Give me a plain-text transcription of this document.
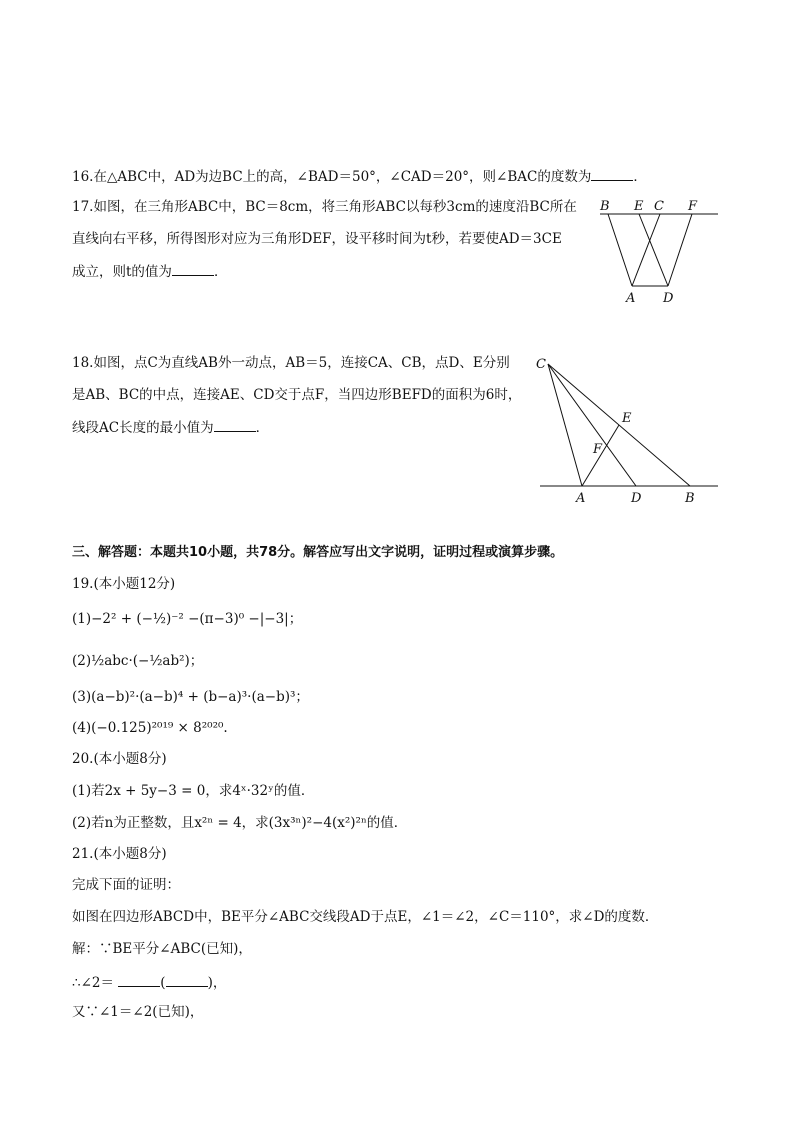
16.在△ABC中，AD为边BC上的高，∠BAD＝50°，∠CAD＝20°，则∠BAC的度数为	．
17.如图，在三角形ABC中，BC＝8cm，将三角形ABC以每秒3cm的速度沿BC所在
直线向右平移，所得图形对应为三角形DEF，设平移时间为t秒，若要使AD＝3CE
成立，则t的值为	．
B E C F
A D
18.如图，点C为直线AB外一动点，AB＝5，连接CA、CB，点D、E分别
是AB、BC的中点，连接AE、CD交于点F，当四边形BEFD的面积为6时，
线段AC长度的最小值为	．
C
E
F
A	D	B
三、解答题：本题共10小题，共78分。解答应写出文字说明，证明过程或演算步骤。
19.(本小题12分)
(1)−2² + (−½)⁻² −(π−3)⁰ −|−3|；
(2)½abc·(−½ab²)；
(3)(a−b)²·(a−b)⁴ + (b−a)³·(a−b)³；
(4)(−0.125)²⁰¹⁹ × 8²⁰²⁰.
20.(本小题8分)
(1)若2x + 5y−3 = 0，求4ˣ·32ʸ的值．
(2)若n为正整数，且x²ⁿ = 4，求(3x³ⁿ)²−4(x²)²ⁿ的值．
21.(本小题8分)
完成下面的证明：
如图在四边形ABCD中，BE平分∠ABC交线段AD于点E，∠1＝∠2，∠C＝110°，求∠D的度数．
解：∵BE平分∠ABC(已知)，
∴∠2＝	(	)，
又∵∠1＝∠2(已知)，
